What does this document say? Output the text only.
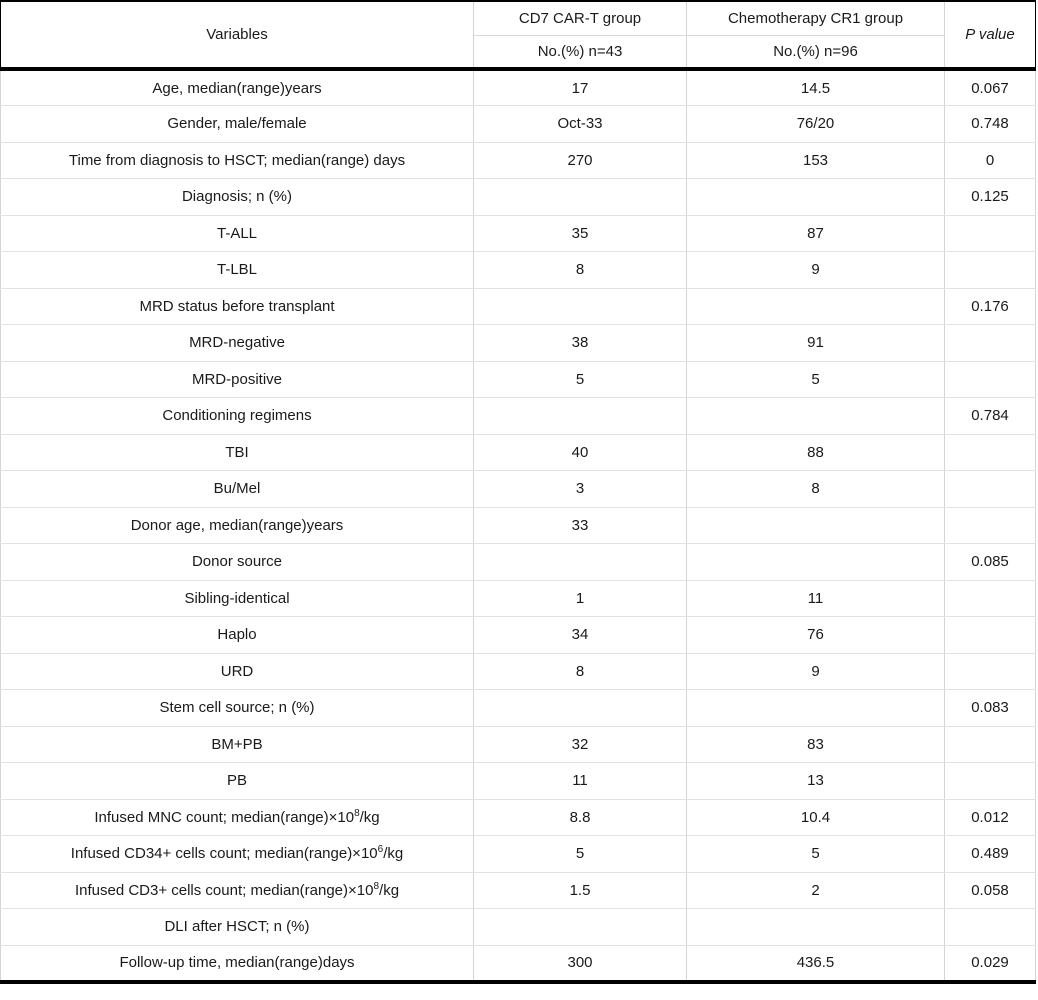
Variables	CD7 CAR-T group	Chemotherapy CR1 group	P value
	No.(%) n=43	No.(%) n=96	
Age, median(range)years	17	14.5	0.067
Gender, male/female	Oct-33	76/20	0.748
Time from diagnosis to HSCT; median(range) days	270	153	0
Diagnosis; n (%)			0.125
T-ALL	35	87	
T-LBL	8	9	
MRD status before transplant			0.176
MRD-negative	38	91	
MRD-positive	5	5	
Conditioning regimens			0.784
TBI	40	88	
Bu/Mel	3	8	
Donor age, median(range)years	33		
Donor source			0.085
Sibling-identical	1	11	
Haplo	34	76	
URD	8	9	
Stem cell source; n (%)			0.083
BM+PB	32	83	
PB	11	13	
Infused MNC count; $median(range)\times 10^8/kg$	8.8	10.4	0.012
Infused CD34+ cells count; $median(range)\times 10^6/kg$	5	5	0.489
Infused CD3+ cells count; $median(range)\times 10^8/kg$	1.5	2	0.058
DLI after HSCT; n (%)			
Follow-up time, median(range)days	300	436.5	0.029
